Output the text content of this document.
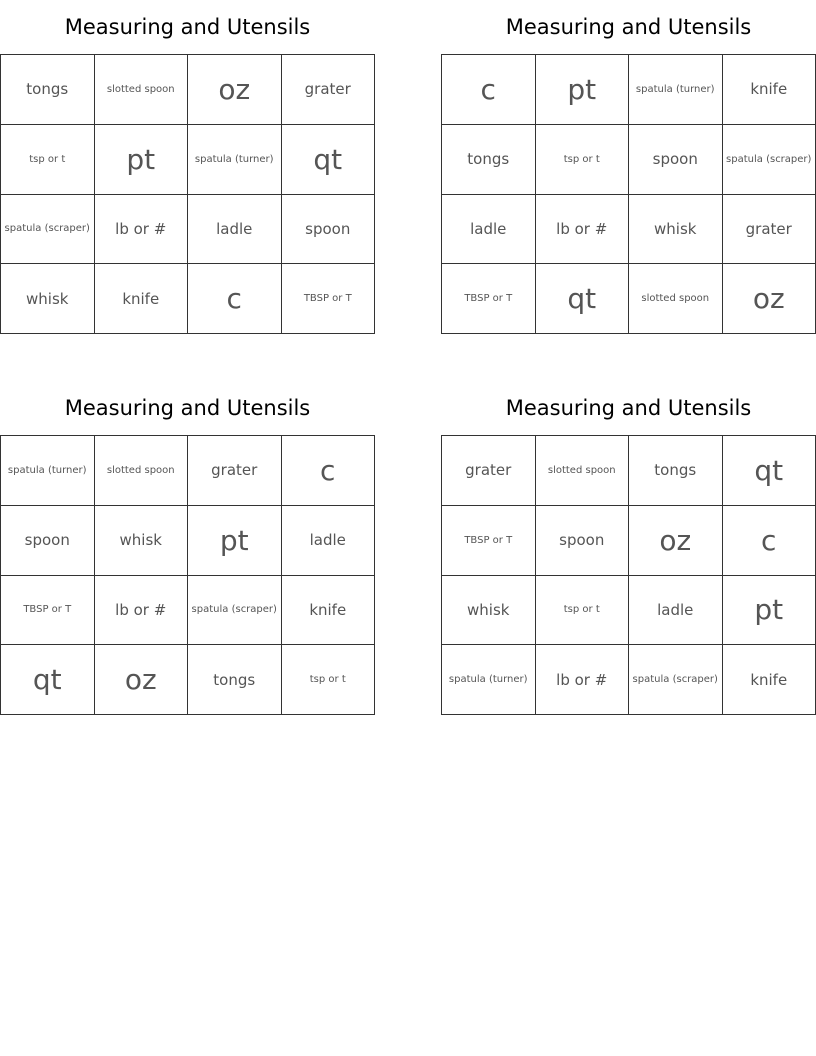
Measuring and Utensils
tongs	slotted spoon	oz	grater
tsp or t	pt	spatula (turner)	qt
spatula (scraper)	lb or #	ladle	spoon
whisk	knife	c	TBSP or T
Measuring and Utensils
c	pt	spatula (turner)	knife
tongs	tsp or t	spoon	spatula (scraper)
ladle	lb or #	whisk	grater
TBSP or T	qt	slotted spoon	oz
Measuring and Utensils
spatula (turner)	slotted spoon	grater	c
spoon	whisk	pt	ladle
TBSP or T	lb or #	spatula (scraper)	knife
qt	oz	tongs	tsp or t
Measuring and Utensils
grater	slotted spoon	tongs	qt
TBSP or T	spoon	oz	c
whisk	tsp or t	ladle	pt
spatula (turner)	lb or #	spatula (scraper)	knife
